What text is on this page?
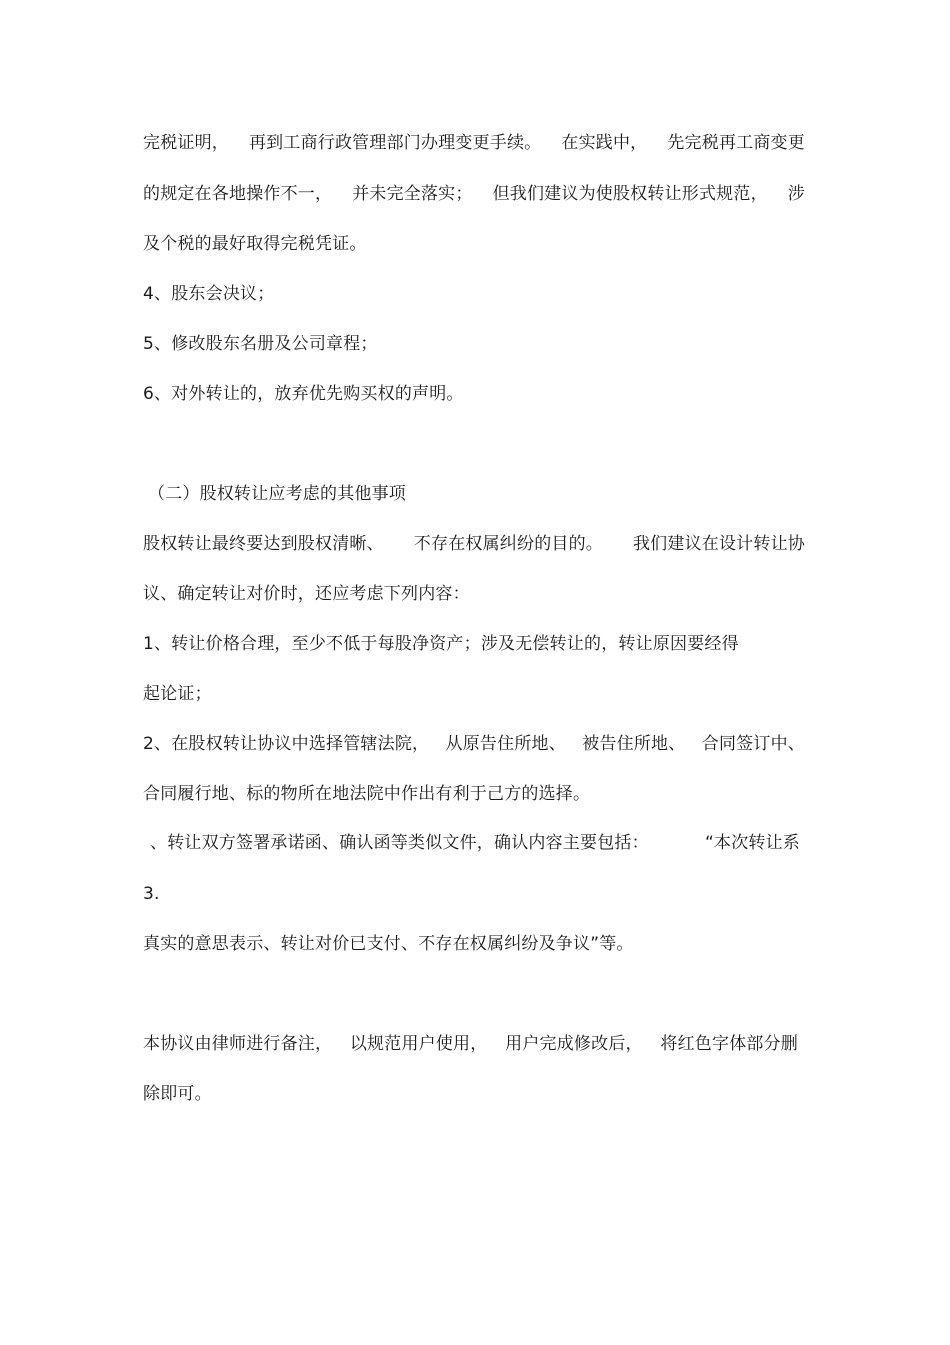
完税证明， 再到工商行政管理部门办理变更手续。 在实践中， 先完税再工商变更
的规定在各地操作不一， 并未完全落实； 但我们建议为使股权转让形式规范， 涉
及个税的最好取得完税凭证。
4、股东会决议；
5、修改股东名册及公司章程；
6、对外转让的，放弃优先购买权的声明。
（二）股权转让应考虑的其他事项
股权转让最终要达到股权清晰、 不存在权属纠纷的目的。 我们建议在设计转让协
议、确定转让对价时，还应考虑下列内容：
1、转让价格合理，至少不低于每股净资产；涉及无偿转让的，转让原因要经得
起论证；
2、在股权转让协议中选择管辖法院， 从原告住所地、 被告住所地、 合同签订中、
合同履行地、标的物所在地法院中作出有利于己方的选择。
、转让双方签署承诺函、确认函等类似文件，确认内容主要包括：	“本次转让系
3.
真实的意思表示、转让对价已支付、不存在权属纠纷及争议”等。
本协议由律师进行备注， 以规范用户使用， 用户完成修改后， 将红色字体部分删
除即可。
